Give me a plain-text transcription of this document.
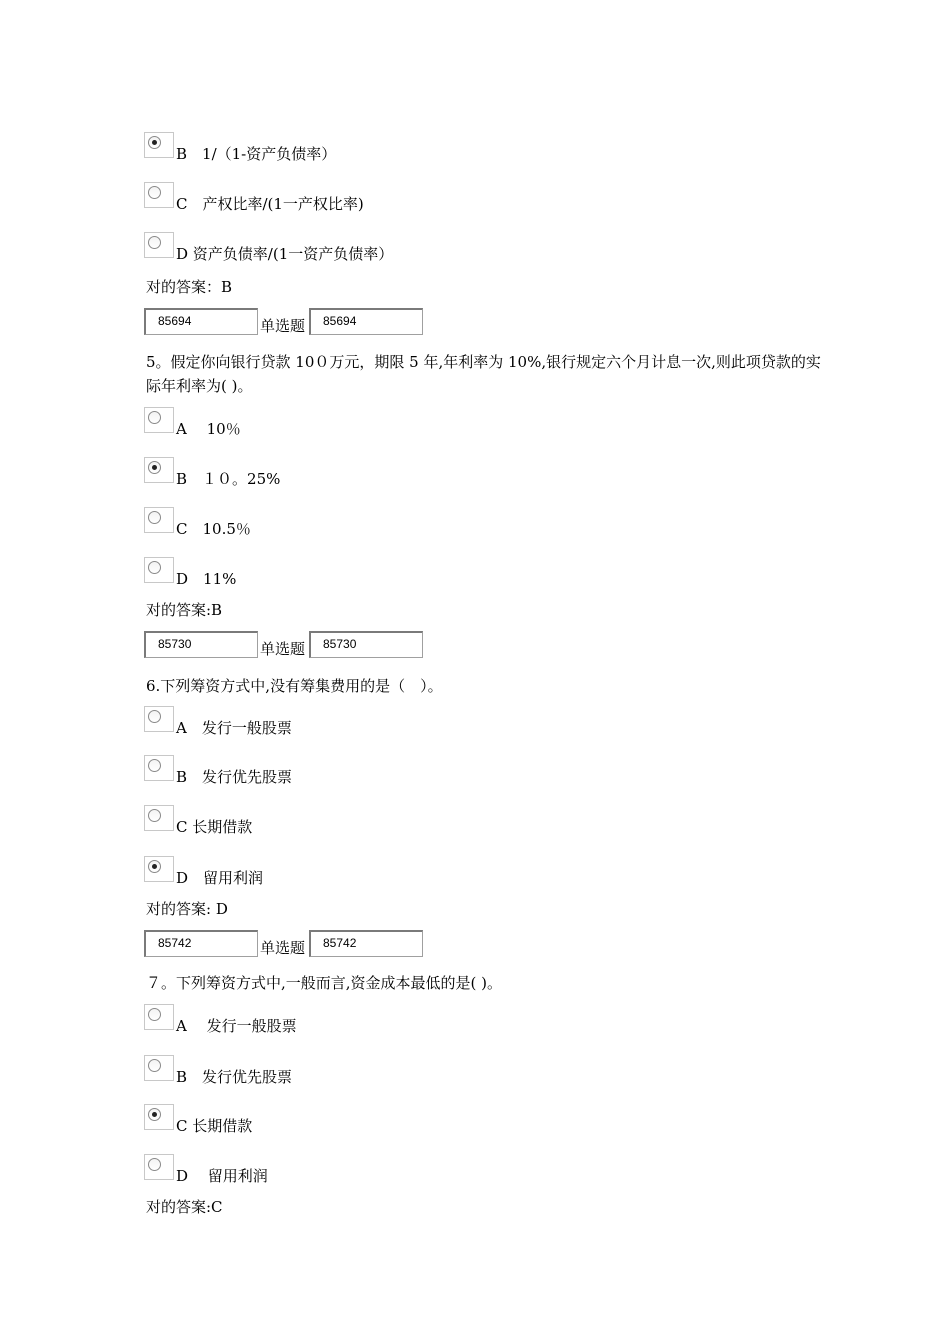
B　1/（1-资产负债率）
C　产权比率/(1一产权比率)
D 资产负债率/(1一资产负债率）
对的答案：B
85694	单选题	85694
5。假定你向银行贷款 10０万元，期限 5 年,年利率为 10%,银行规定六个月计息一次,则此项贷款的实际年利率为( )。
A　 10％
B　１０。25%
C　10.5％
D　11%
对的答案:B
85730	单选题	85730
6.下列筹资方式中,没有筹集费用的是（　）。
A　发行一般股票
B　发行优先股票
C 长期借款
D　留用利润
对的答案: D
85742	单选题	85742
７。下列筹资方式中,一般而言,资金成本最低的是( )。
A　 发行一般股票
B　发行优先股票
C 长期借款
D　 留用利润
对的答案:C
